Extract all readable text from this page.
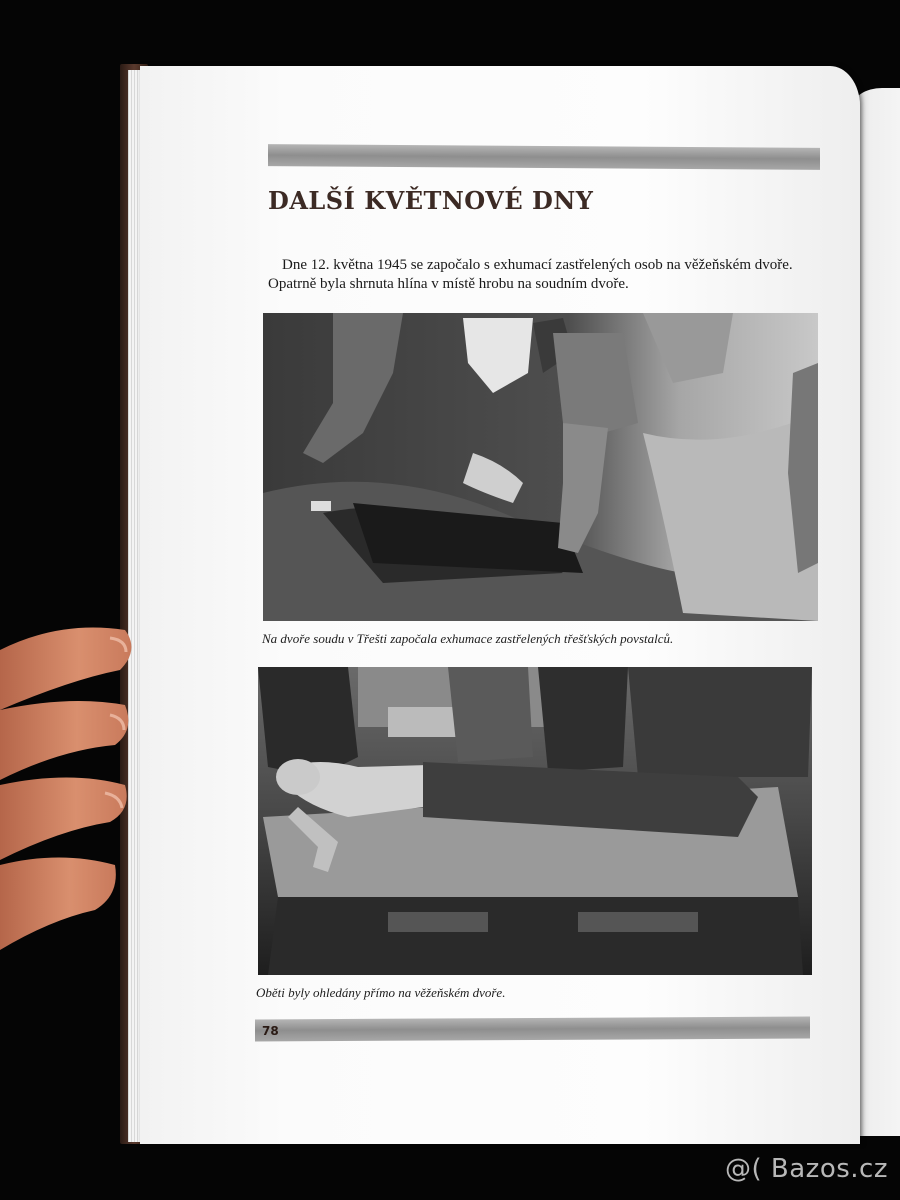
DALŠÍ KVĚTNOVÉ DNY
Dne 12. května 1945 se započalo s exhumací zastřelených osob na věžeňském dvoře.
Opatrně byla shrnuta hlína v místě hrobu na soudním dvoře.
Na dvoře soudu v Třešti započala exhumace zastřelených třešťských povstalců.
Oběti byly ohledány přímo na věžeňském dvoře.
78
@( Bazos.cz
